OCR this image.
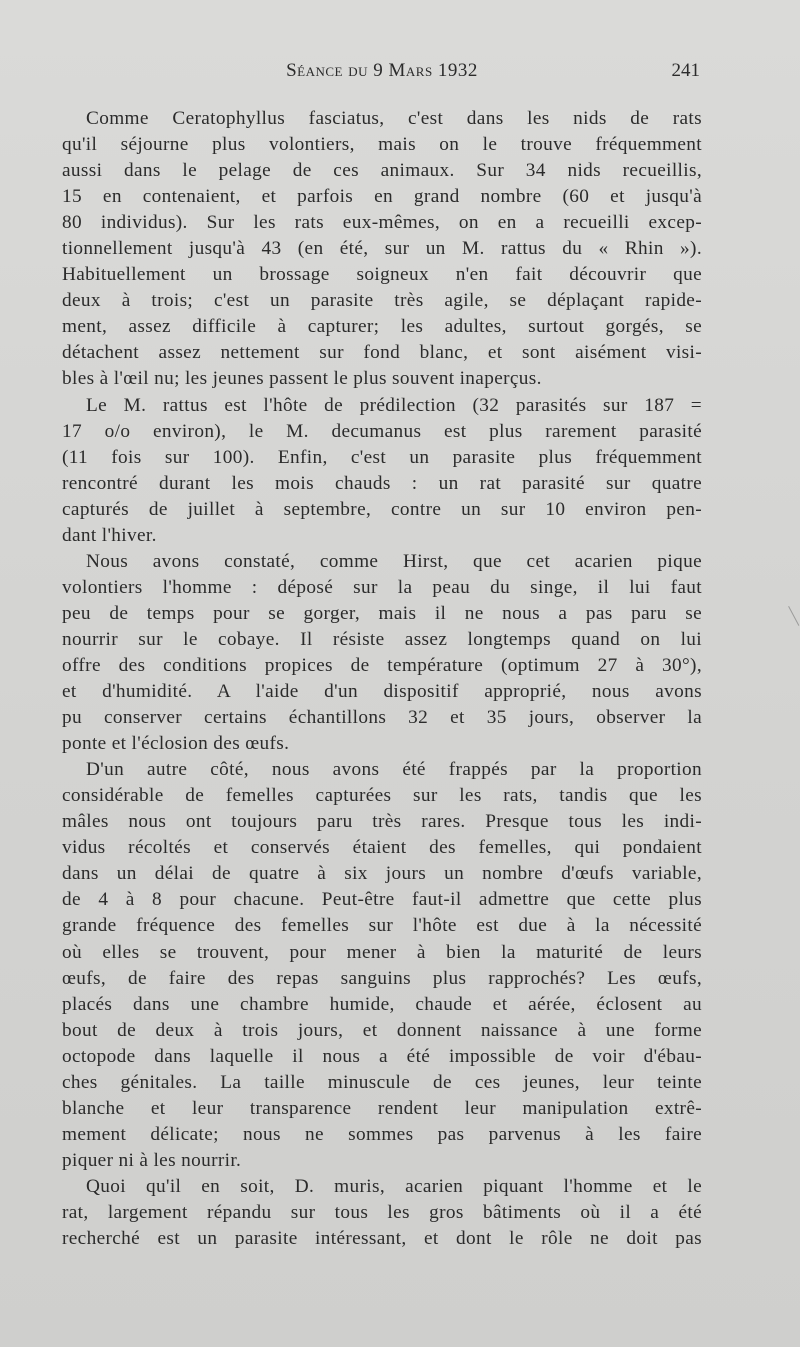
Séance du 9 Mars 1932	241
Comme Ceratophyllus fasciatus, c'est dans les nids de rats
qu'il séjourne plus volontiers, mais on le trouve fréquemment
aussi dans le pelage de ces animaux. Sur 34 nids recueillis,
15 en contenaient, et parfois en grand nombre (60 et jusqu'à
80 individus). Sur les rats eux-mêmes, on en a recueilli excep-
tionnellement jusqu'à 43 (en été, sur un M. rattus du « Rhin »).
Habituellement un brossage soigneux n'en fait découvrir que
deux à trois; c'est un parasite très agile, se déplaçant rapide-
ment, assez difficile à capturer; les adultes, surtout gorgés, se
détachent assez nettement sur fond blanc, et sont aisément visi-
bles à l'œil nu; les jeunes passent le plus souvent inaperçus.
Le M. rattus est l'hôte de prédilection (32 parasités sur 187 =
17 o/o environ), le M. decumanus est plus rarement parasité
(11 fois sur 100). Enfin, c'est un parasite plus fréquemment
rencontré durant les mois chauds : un rat parasité sur quatre
capturés de juillet à septembre, contre un sur 10 environ pen-
dant l'hiver.
Nous avons constaté, comme Hirst, que cet acarien pique
volontiers l'homme : déposé sur la peau du singe, il lui faut
peu de temps pour se gorger, mais il ne nous a pas paru se
nourrir sur le cobaye. Il résiste assez longtemps quand on lui
offre des conditions propices de température (optimum 27 à 30°),
et d'humidité. A l'aide d'un dispositif approprié, nous avons
pu conserver certains échantillons 32 et 35 jours, observer la
ponte et l'éclosion des œufs.
D'un autre côté, nous avons été frappés par la proportion
considérable de femelles capturées sur les rats, tandis que les
mâles nous ont toujours paru très rares. Presque tous les indi-
vidus récoltés et conservés étaient des femelles, qui pondaient
dans un délai de quatre à six jours un nombre d'œufs variable,
de 4 à 8 pour chacune. Peut-être faut-il admettre que cette plus
grande fréquence des femelles sur l'hôte est due à la nécessité
où elles se trouvent, pour mener à bien la maturité de leurs
œufs, de faire des repas sanguins plus rapprochés? Les œufs,
placés dans une chambre humide, chaude et aérée, éclosent au
bout de deux à trois jours, et donnent naissance à une forme
octopode dans laquelle il nous a été impossible de voir d'ébau-
ches génitales. La taille minuscule de ces jeunes, leur teinte
blanche et leur transparence rendent leur manipulation extrê-
mement délicate; nous ne sommes pas parvenus à les faire
piquer ni à les nourrir.
Quoi qu'il en soit, D. muris, acarien piquant l'homme et le
rat, largement répandu sur tous les gros bâtiments où il a été
recherché est un parasite intéressant, et dont le rôle ne doit pas
